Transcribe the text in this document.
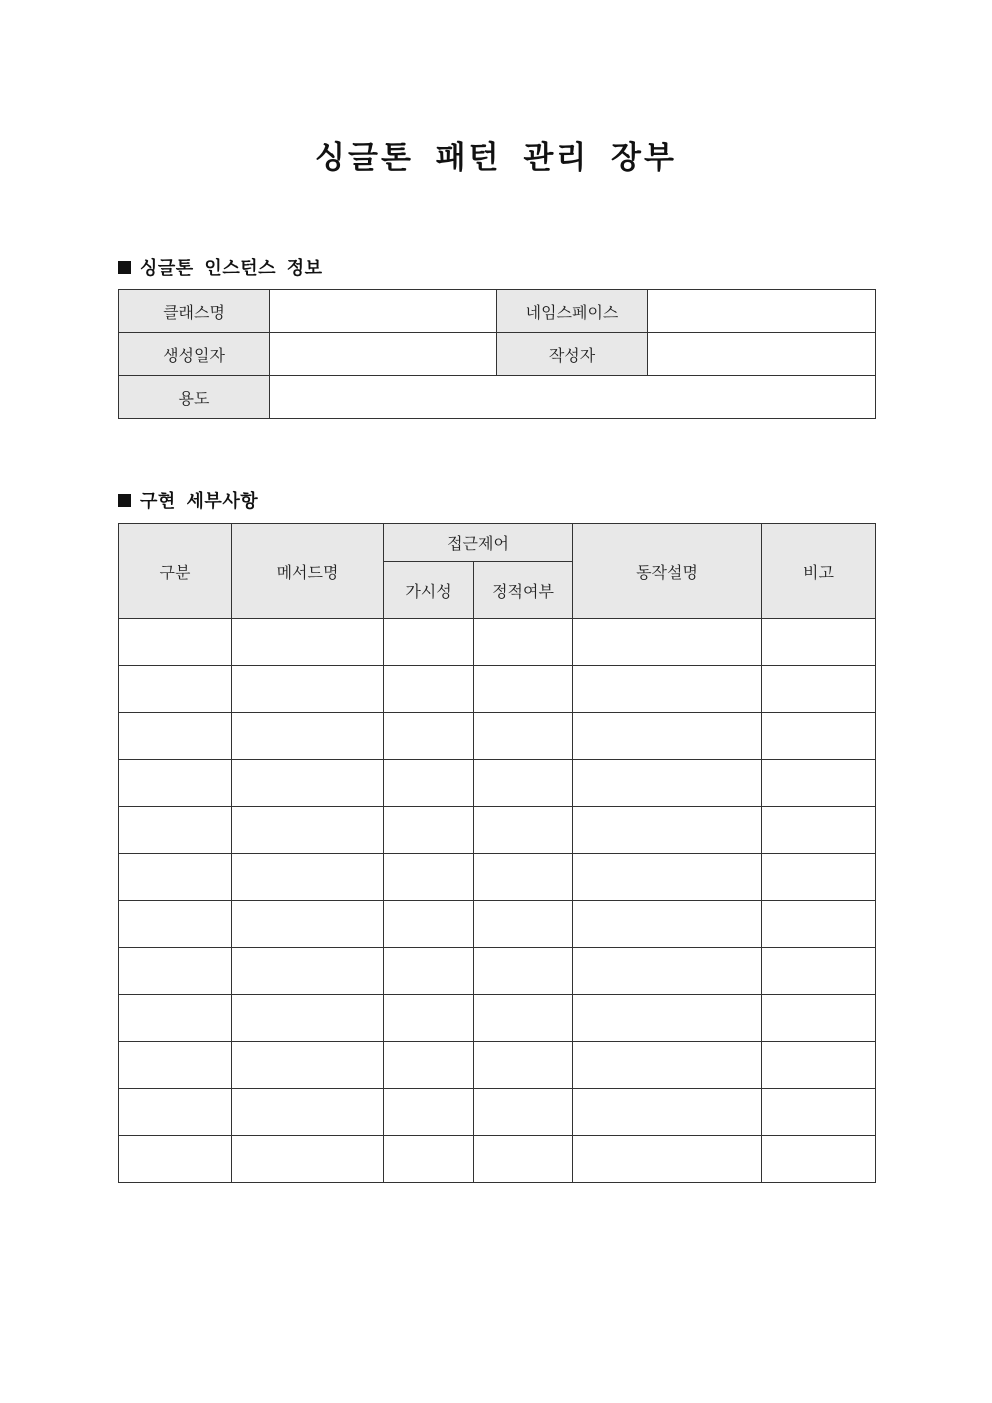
싱글톤 패턴 관리 장부
싱글톤 인스턴스 정보
클래스명		네임스페이스	
생성일자		작성자	
용도			
구현 세부사항
구분	메서드명	접근제어		동작설명	비고
		가시성	정적여부		
